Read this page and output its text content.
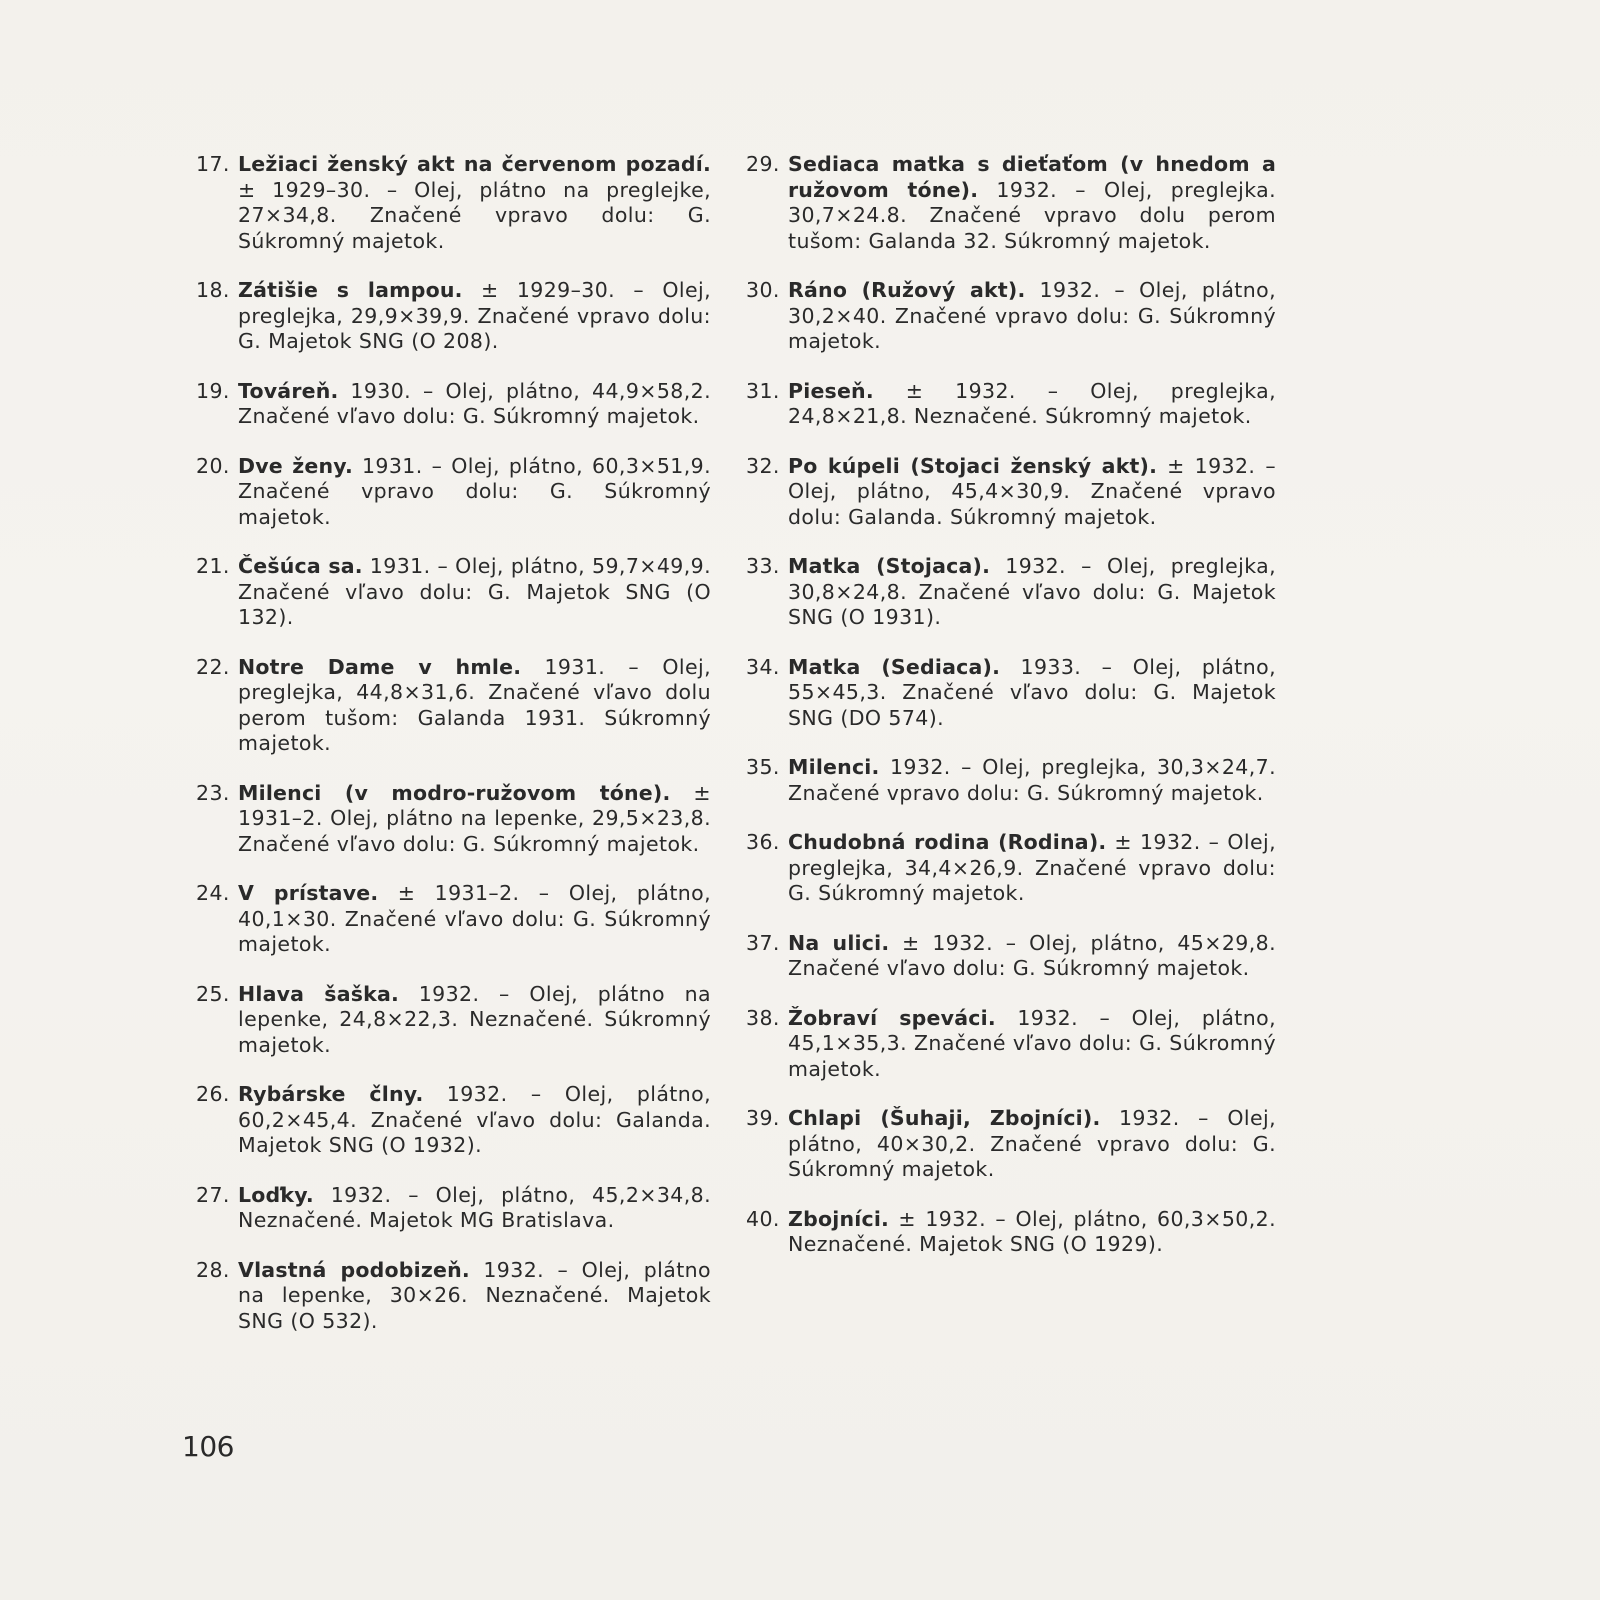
17. Ležiaci ženský akt na červenom pozadí. ± 1929–30. – Olej, plátno na preglejke, 27×34,8. Značené vpravo dolu: G. Súkromný majetok.
18. Zátišie s lampou. ± 1929–30. – Olej, preglejka, 29,9×39,9. Značené vpravo dolu: G. Majetok SNG (O 208).
19. Továreň. 1930. – Olej, plátno, 44,9×58,2. Značené vľavo dolu: G. Súkromný majetok.
20. Dve ženy. 1931. – Olej, plátno, 60,3×51,9. Značené vpravo dolu: G. Súkromný majetok.
21. Češúca sa. 1931. – Olej, plátno, 59,7×49,9. Značené vľavo dolu: G. Majetok SNG (O 132).
22. Notre Dame v hmle. 1931. – Olej, preglejka, 44,8×31,6. Značené vľavo dolu perom tušom: Galanda 1931. Súkromný majetok.
23. Milenci (v modro-ružovom tóne). ± 1931–2. Olej, plátno na lepenke, 29,5×23,8. Značené vľavo dolu: G. Súkromný majetok.
24. V prístave. ± 1931–2. – Olej, plátno, 40,1×30. Značené vľavo dolu: G. Súkromný majetok.
25. Hlava šaška. 1932. – Olej, plátno na lepenke, 24,8×22,3. Neznačené. Súkromný majetok.
26. Rybárske člny. 1932. – Olej, plátno, 60,2×45,4. Značené vľavo dolu: Galanda. Majetok SNG (O 1932).
27. Loďky. 1932. – Olej, plátno, 45,2×34,8. Neznačené. Majetok MG Bratislava.
28. Vlastná podobizeň. 1932. – Olej, plátno na lepenke, 30×26. Neznačené. Majetok SNG (O 532).
29. Sediaca matka s dieťaťom (v hnedom a ružovom tóne). 1932. – Olej, preglejka. 30,7×24.8. Značené vpravo dolu perom tušom: Galanda 32. Súkromný majetok.
30. Ráno (Ružový akt). 1932. – Olej, plátno, 30,2×40. Značené vpravo dolu: G. Súkromný majetok.
31. Pieseň. ± 1932. – Olej, preglejka, 24,8×21,8. Neznačené. Súkromný majetok.
32. Po kúpeli (Stojaci ženský akt). ± 1932. – Olej, plátno, 45,4×30,9. Značené vpravo dolu: Galanda. Súkromný majetok.
33. Matka (Stojaca). 1932. – Olej, preglejka, 30,8×24,8. Značené vľavo dolu: G. Majetok SNG (O 1931).
34. Matka (Sediaca). 1933. – Olej, plátno, 55×45,3. Značené vľavo dolu: G. Majetok SNG (DO 574).
35. Milenci. 1932. – Olej, preglejka, 30,3×24,7. Značené vpravo dolu: G. Súkromný majetok.
36. Chudobná rodina (Rodina). ± 1932. – Olej, preglejka, 34,4×26,9. Značené vpravo dolu: G. Súkromný majetok.
37. Na ulici. ± 1932. – Olej, plátno, 45×29,8. Značené vľavo dolu: G. Súkromný majetok.
38. Žobraví speváci. 1932. – Olej, plátno, 45,1×35,3. Značené vľavo dolu: G. Súkromný majetok.
39. Chlapi (Šuhaji, Zbojníci). 1932. – Olej, plátno, 40×30,2. Značené vpravo dolu: G. Súkromný majetok.
40. Zbojníci. ± 1932. – Olej, plátno, 60,3×50,2. Neznačené. Majetok SNG (O 1929).
106
